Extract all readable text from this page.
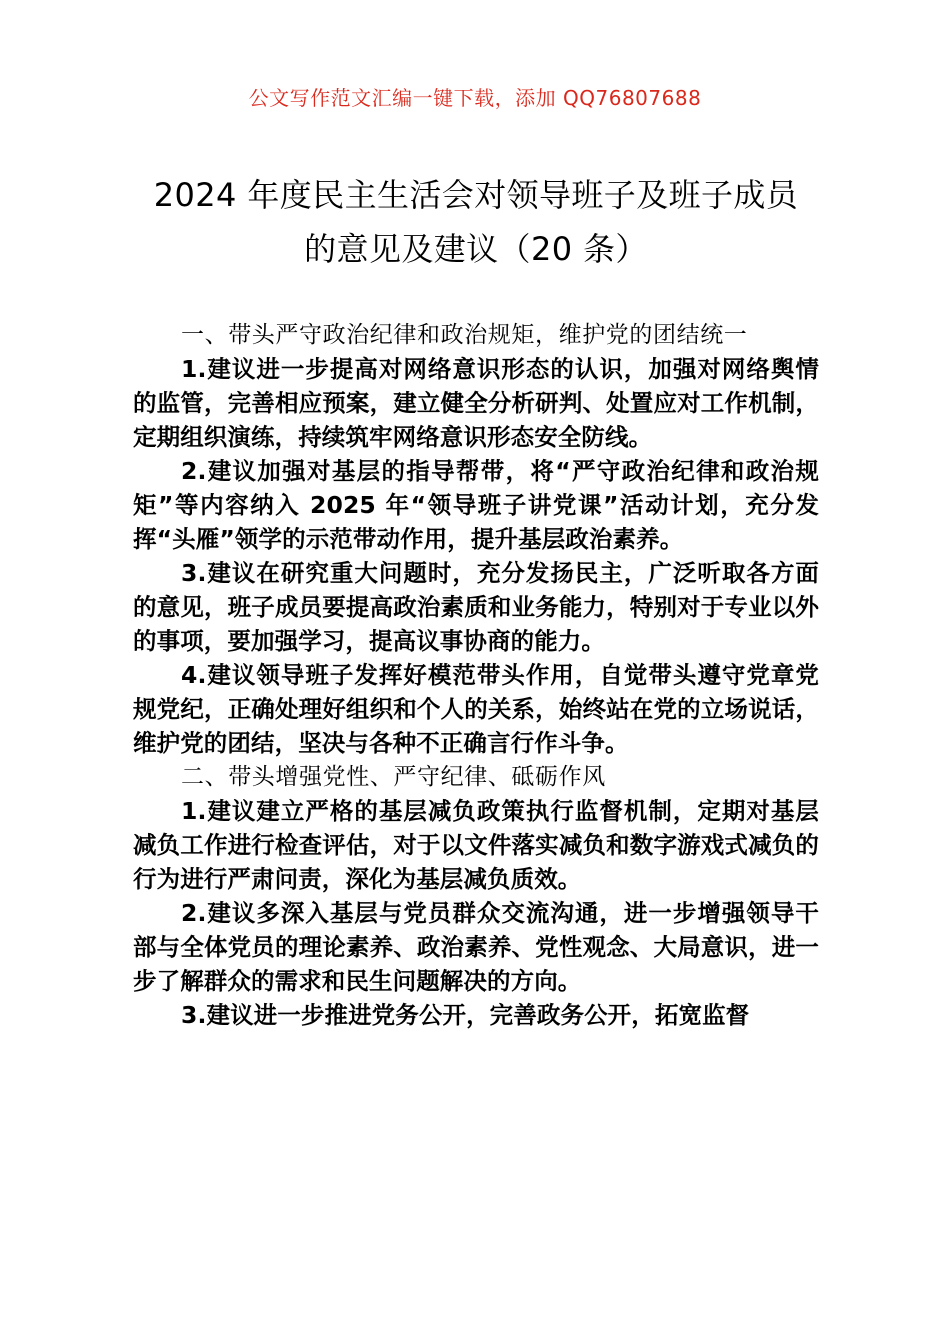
公文写作范文汇编一键下载，添加 QQ76807688
2024 年度民主生活会对领导班子及班子成员的意见及建议（20 条）

一、带头严守政治纪律和政治规矩，维护党的团结统一

1.建议进一步提高对网络意识形态的认识，加强对网络舆情的监管，完善相应预案，建立健全分析研判、处置应对工作机制，定期组织演练，持续筑牢网络意识形态安全防线。

2.建议加强对基层的指导帮带，将“严守政治纪律和政治规矩”等内容纳入 2025 年“领导班子讲党课”活动计划，充分发挥“头雁”领学的示范带动作用，提升基层政治素养。

3.建议在研究重大问题时，充分发扬民主，广泛听取各方面的意见，班子成员要提高政治素质和业务能力，特别对于专业以外的事项，要加强学习，提高议事协商的能力。

4.建议领导班子发挥好模范带头作用，自觉带头遵守党章党规党纪，正确处理好组织和个人的关系，始终站在党的立场说话，维护党的团结，坚决与各种不正确言行作斗争。

二、带头增强党性、严守纪律、砥砺作风

1.建议建立严格的基层减负政策执行监督机制，定期对基层减负工作进行检查评估，对于以文件落实减负和数字游戏式减负的行为进行严肃问责，深化为基层减负质效。

2.建议多深入基层与党员群众交流沟通，进一步增强领导干部与全体党员的理论素养、政治素养、党性观念、大局意识，进一步了解群众的需求和民生问题解决的方向。

3.建议进一步推进党务公开，完善政务公开，拓宽监督
